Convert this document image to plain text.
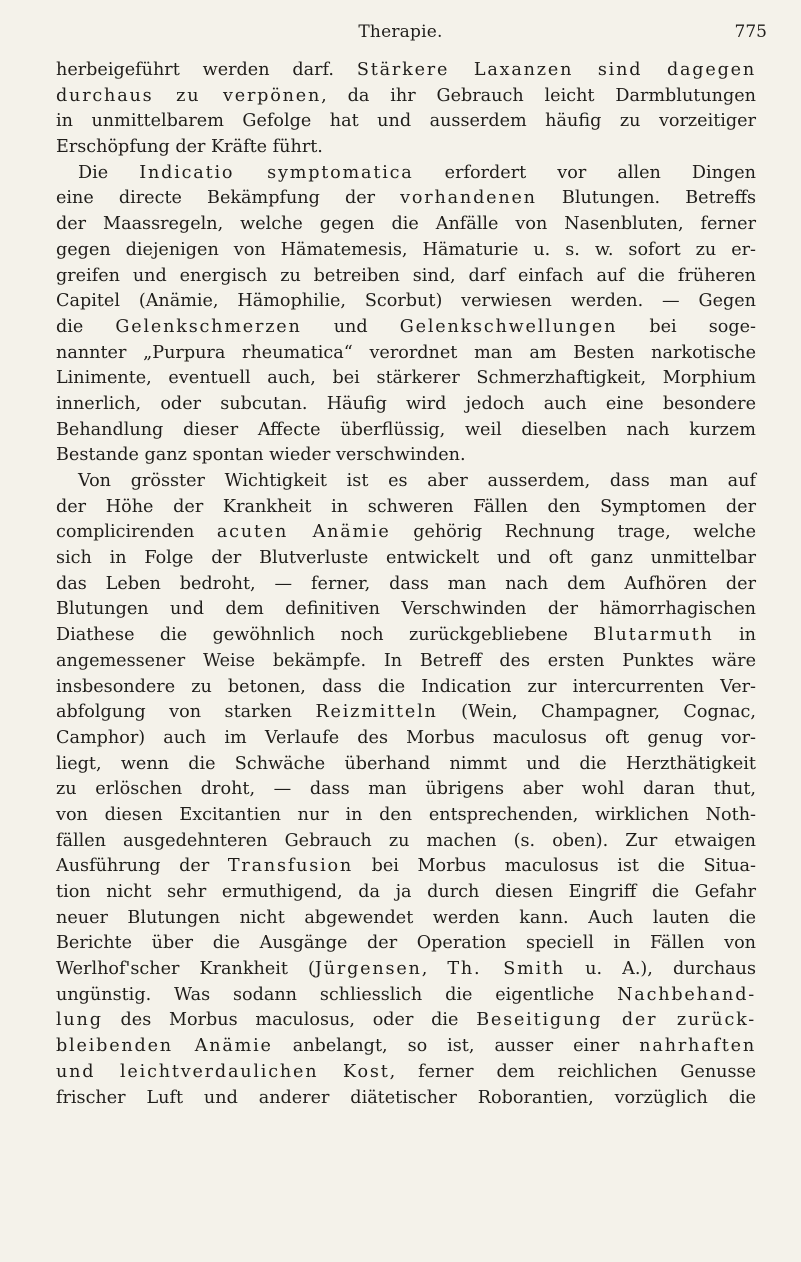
Therapie.	775
herbeigeführt werden darf. Stärkere Laxanzen sind dagegen
durchaus zu verpönen, da ihr Gebrauch leicht Darmblutungen
in unmittelbarem Gefolge hat und ausserdem häufig zu vorzeitiger
Erschöpfung der Kräfte führt.
Die Indicatio symptomatica erfordert vor allen Dingen
eine directe Bekämpfung der vorhandenen Blutungen. Betreffs
der Maassregeln, welche gegen die Anfälle von Nasenbluten, ferner
gegen diejenigen von Hämatemesis, Hämaturie u. s. w. sofort zu er-
greifen und energisch zu betreiben sind, darf einfach auf die früheren
Capitel (Anämie, Hämophilie, Scorbut) verwiesen werden. — Gegen
die Gelenkschmerzen und Gelenkschwellungen bei soge-
nannter „Purpura rheumatica“ verordnet man am Besten narkotische
Linimente, eventuell auch, bei stärkerer Schmerzhaftigkeit, Morphium
innerlich, oder subcutan. Häufig wird jedoch auch eine besondere
Behandlung dieser Affecte überflüssig, weil dieselben nach kurzem
Bestande ganz spontan wieder verschwinden.
Von grösster Wichtigkeit ist es aber ausserdem, dass man auf
der Höhe der Krankheit in schweren Fällen den Symptomen der
complicirenden acuten Anämie gehörig Rechnung trage, welche
sich in Folge der Blutverluste entwickelt und oft ganz unmittelbar
das Leben bedroht, — ferner, dass man nach dem Aufhören der
Blutungen und dem definitiven Verschwinden der hämorrhagischen
Diathese die gewöhnlich noch zurückgebliebene Blutarmuth in
angemessener Weise bekämpfe. In Betreff des ersten Punktes wäre
insbesondere zu betonen, dass die Indication zur intercurrenten Ver-
abfolgung von starken Reizmitteln (Wein, Champagner, Cognac,
Camphor) auch im Verlaufe des Morbus maculosus oft genug vor-
liegt, wenn die Schwäche überhand nimmt und die Herzthätigkeit
zu erlöschen droht, — dass man übrigens aber wohl daran thut,
von diesen Excitantien nur in den entsprechenden, wirklichen Noth-
fällen ausgedehnteren Gebrauch zu machen (s. oben). Zur etwaigen
Ausführung der Transfusion bei Morbus maculosus ist die Situa-
tion nicht sehr ermuthigend, da ja durch diesen Eingriff die Gefahr
neuer Blutungen nicht abgewendet werden kann. Auch lauten die
Berichte über die Ausgänge der Operation speciell in Fällen von
Werlhof'scher Krankheit (Jürgensen, Th. Smith u. A.), durchaus
ungünstig. Was sodann schliesslich die eigentliche Nachbehand-
lung des Morbus maculosus, oder die Beseitigung der zurück-
bleibenden Anämie anbelangt, so ist, ausser einer nahrhaften
und leichtverdaulichen Kost, ferner dem reichlichen Genusse
frischer Luft und anderer diätetischer Roborantien, vorzüglich die
